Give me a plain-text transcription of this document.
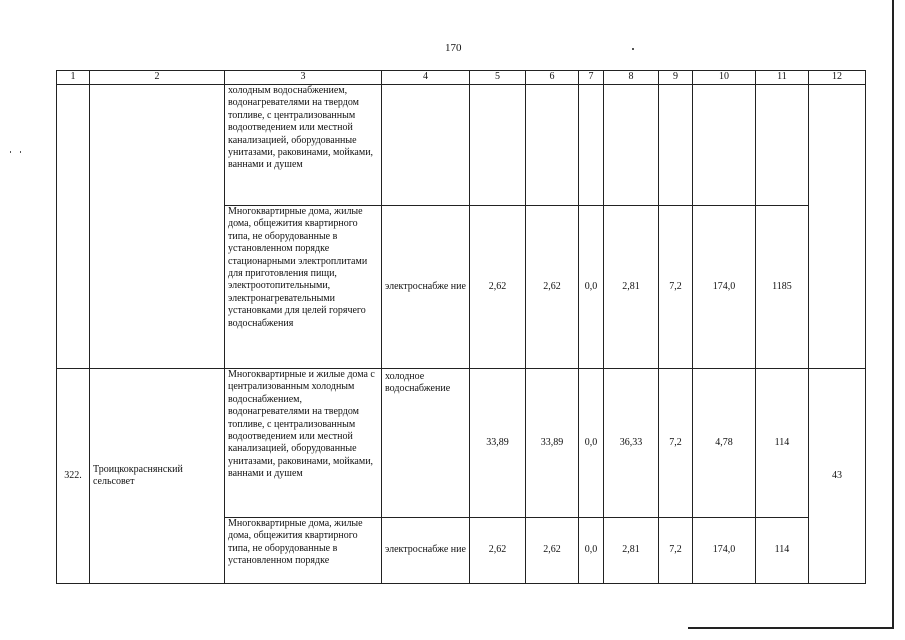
170
1	2	3	4	5	6	7	8	9	10	11	12

		холодным водоснабжением, водонагревателями на твердом топливе, с централизованным водоотведением или местной канализацией, оборудованные унитазами, раковинами, мойками, ваннами и душем									

		Многоквартирные дома, жилые дома, общежития квартирного типа, не оборудованные в установленном порядке стационарными электроплитами для приготовления пищи, электроотопительными, электронагревательными установками для целей горячего водоснабжения	электроснабже ние	2,62	2,62	0,0	2,81	7,2	174,0	1185	
322.	Троицкокраснянский сельсовет	Многоквартирные и жилые дома с централизованным холодным водоснабжением, водонагревателями на твердом топливе, с централизованным водоотведением или местной канализацией, оборудованные унитазами, раковинами, мойками, ваннами и душем	холодное водоснабжение	33,89	33,89	0,0	36,33	7,2	4,78	114	43

		Многоквартирные дома, жилые дома, общежития квартирного типа, не оборудованные в установленном порядке	электроснабже ние	2,62	2,62	0,0	2,81	7,2	174,0	114	
